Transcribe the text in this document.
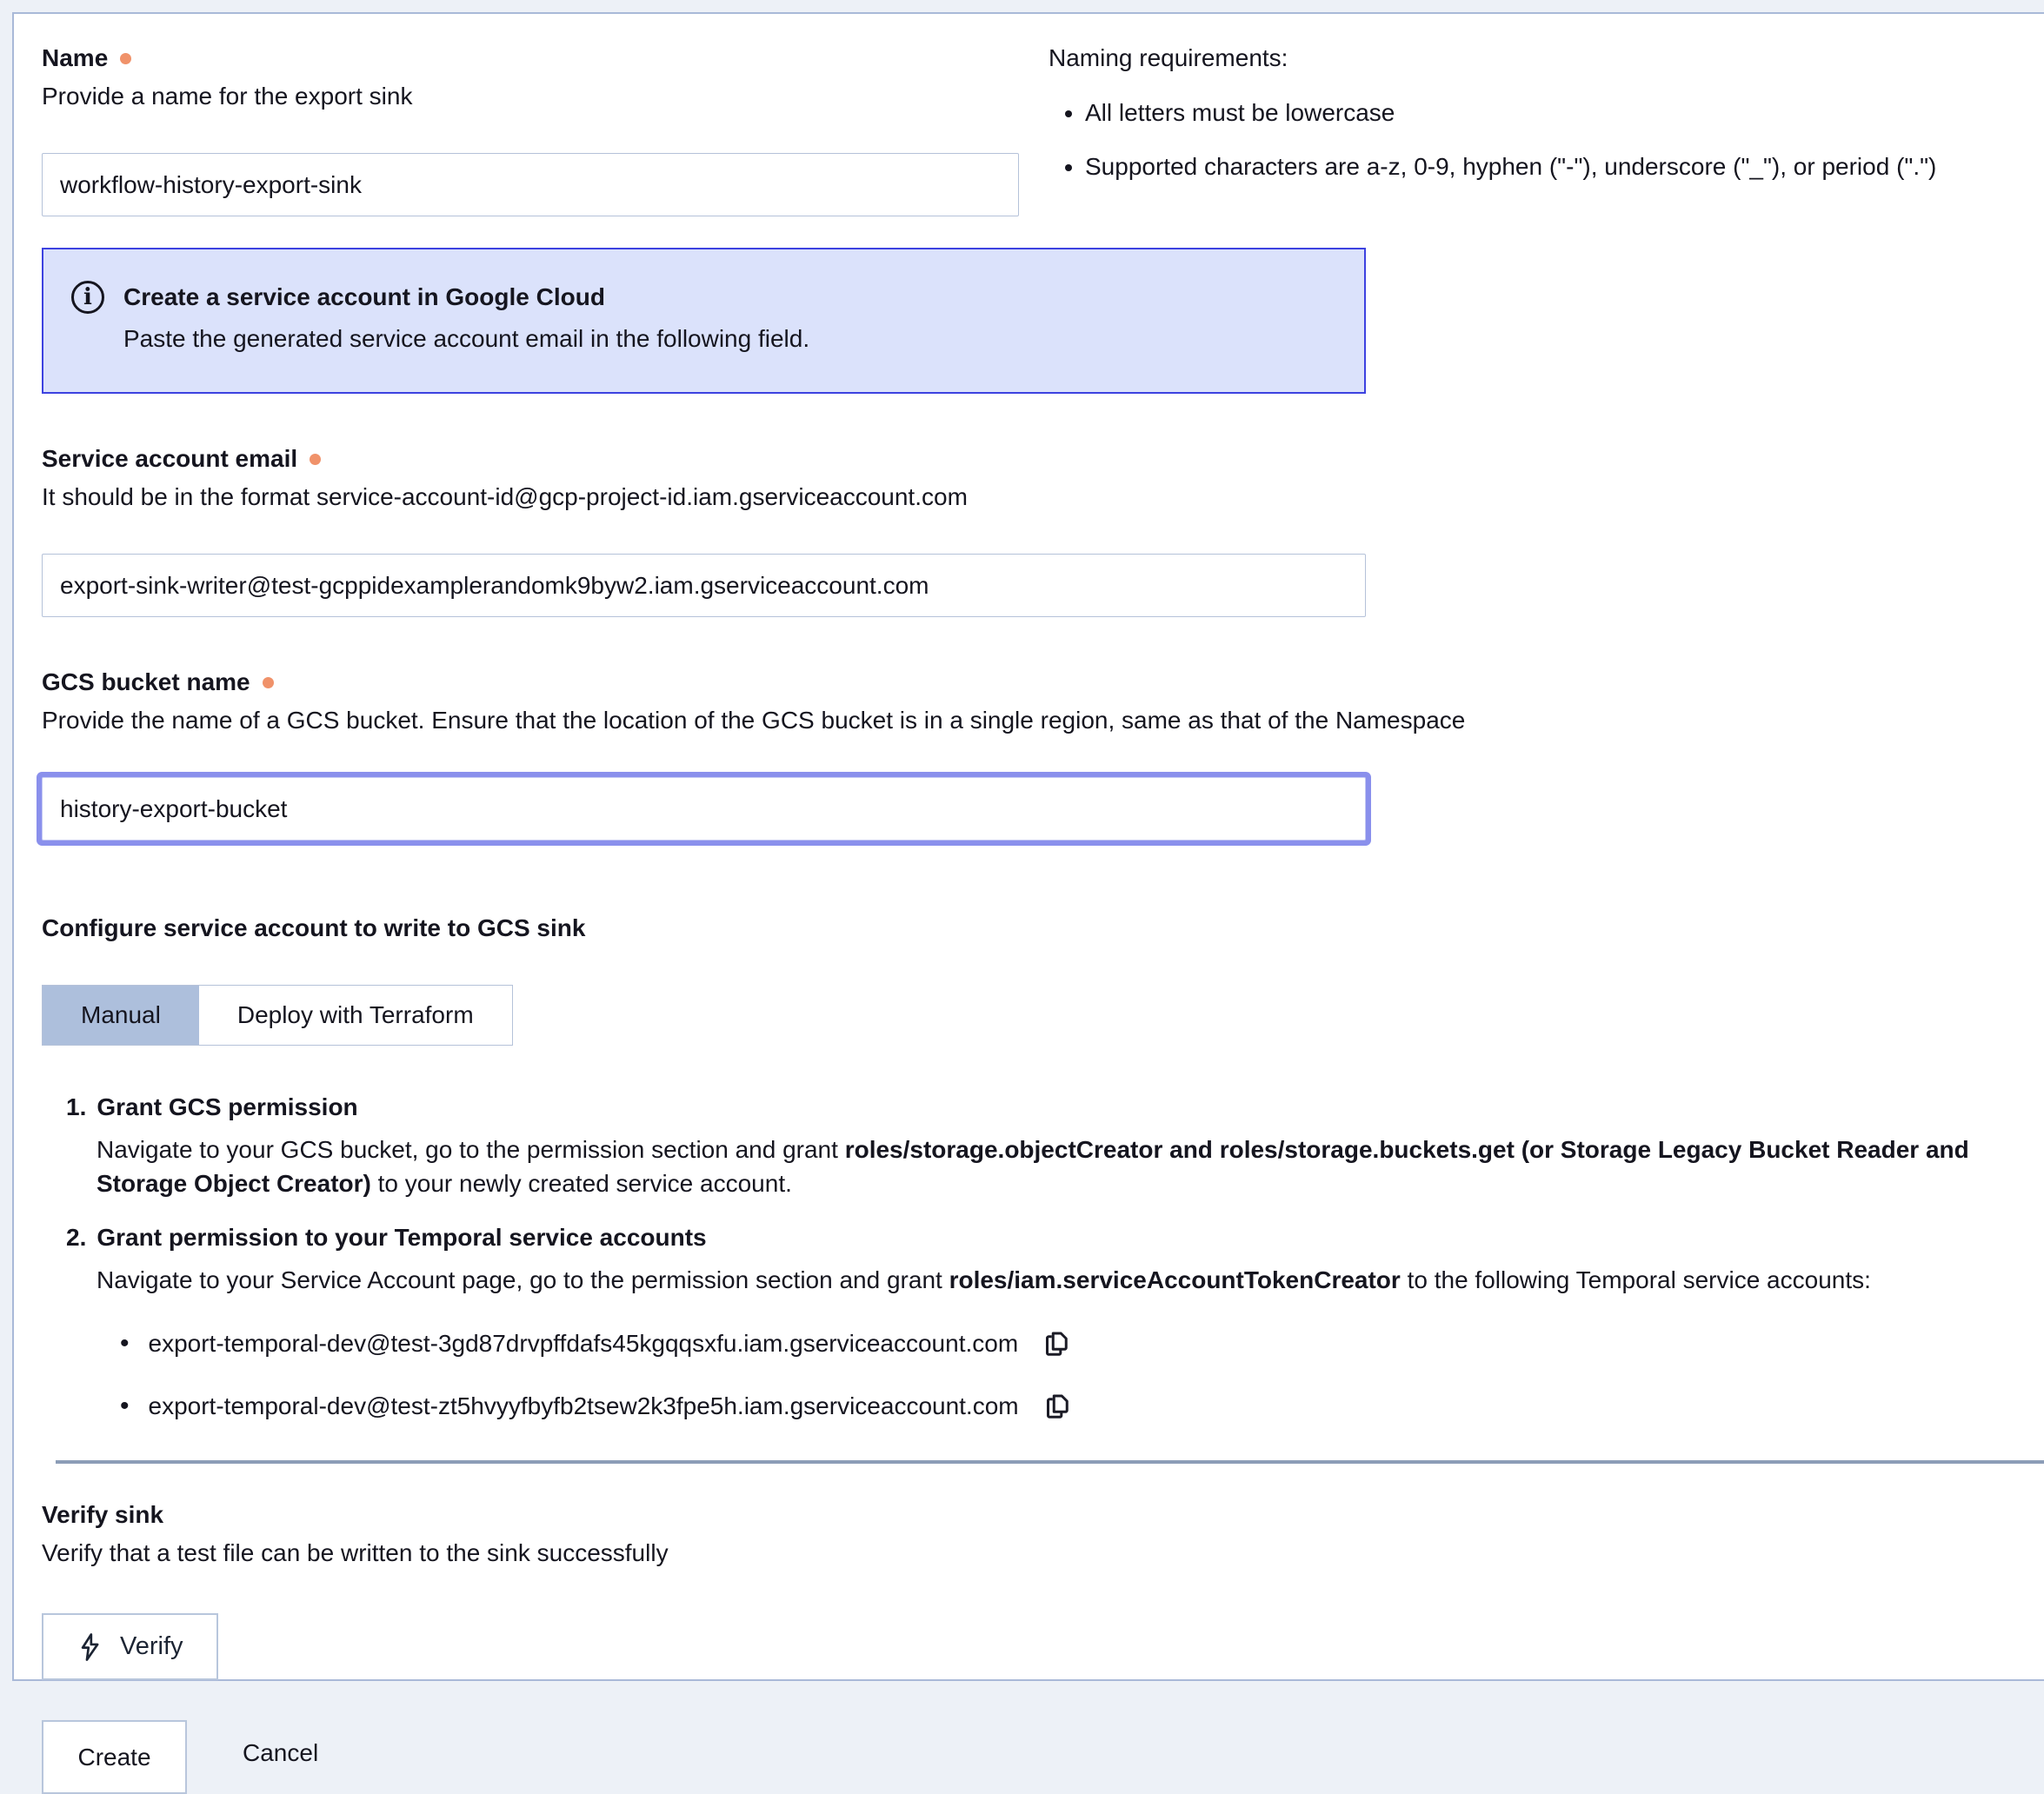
Name
Provide a name for the export sink
workflow-history-export-sink

Naming requirements:

• All letters must be lowercase
• Supported characters are a-z, 0-9, hyphen ("-"), underscore ("_"), or period (".")
i	Create a service account in Google Cloud
Paste the generated service account email in the following field.
Service account email
It should be in the format service-account-id@gcp-project-id.iam.gserviceaccount.com
export-sink-writer@test-gcppidexamplerandomk9byw2.iam.gserviceaccount.com
GCS bucket name
Provide the name of a GCS bucket. Ensure that the location of the GCS bucket is in a single region, same as that of the Namespace
history-export-bucket
Configure service account to write to GCS sink
Manual	Deploy with Terraform
1. Grant GCS permission
Navigate to your GCS bucket, go to the permission section and grant roles/storage.objectCreator and roles/storage.buckets.get (or Storage Legacy Bucket Reader and Storage Object Creator) to your newly created service account.
2. Grant permission to your Temporal service accounts
Navigate to your Service Account page, go to the permission section and grant roles/iam.serviceAccountTokenCreator to the following Temporal service accounts:
• export-temporal-dev@test-3gd87drvpffdafs45kgqqsxfu.iam.gserviceaccount.com
• export-temporal-dev@test-zt5hvyyfbyfb2tsew2k3fpe5h.iam.gserviceaccount.com
Verify sink
Verify that a test file can be written to the sink successfully
Verify
Create	Cancel
